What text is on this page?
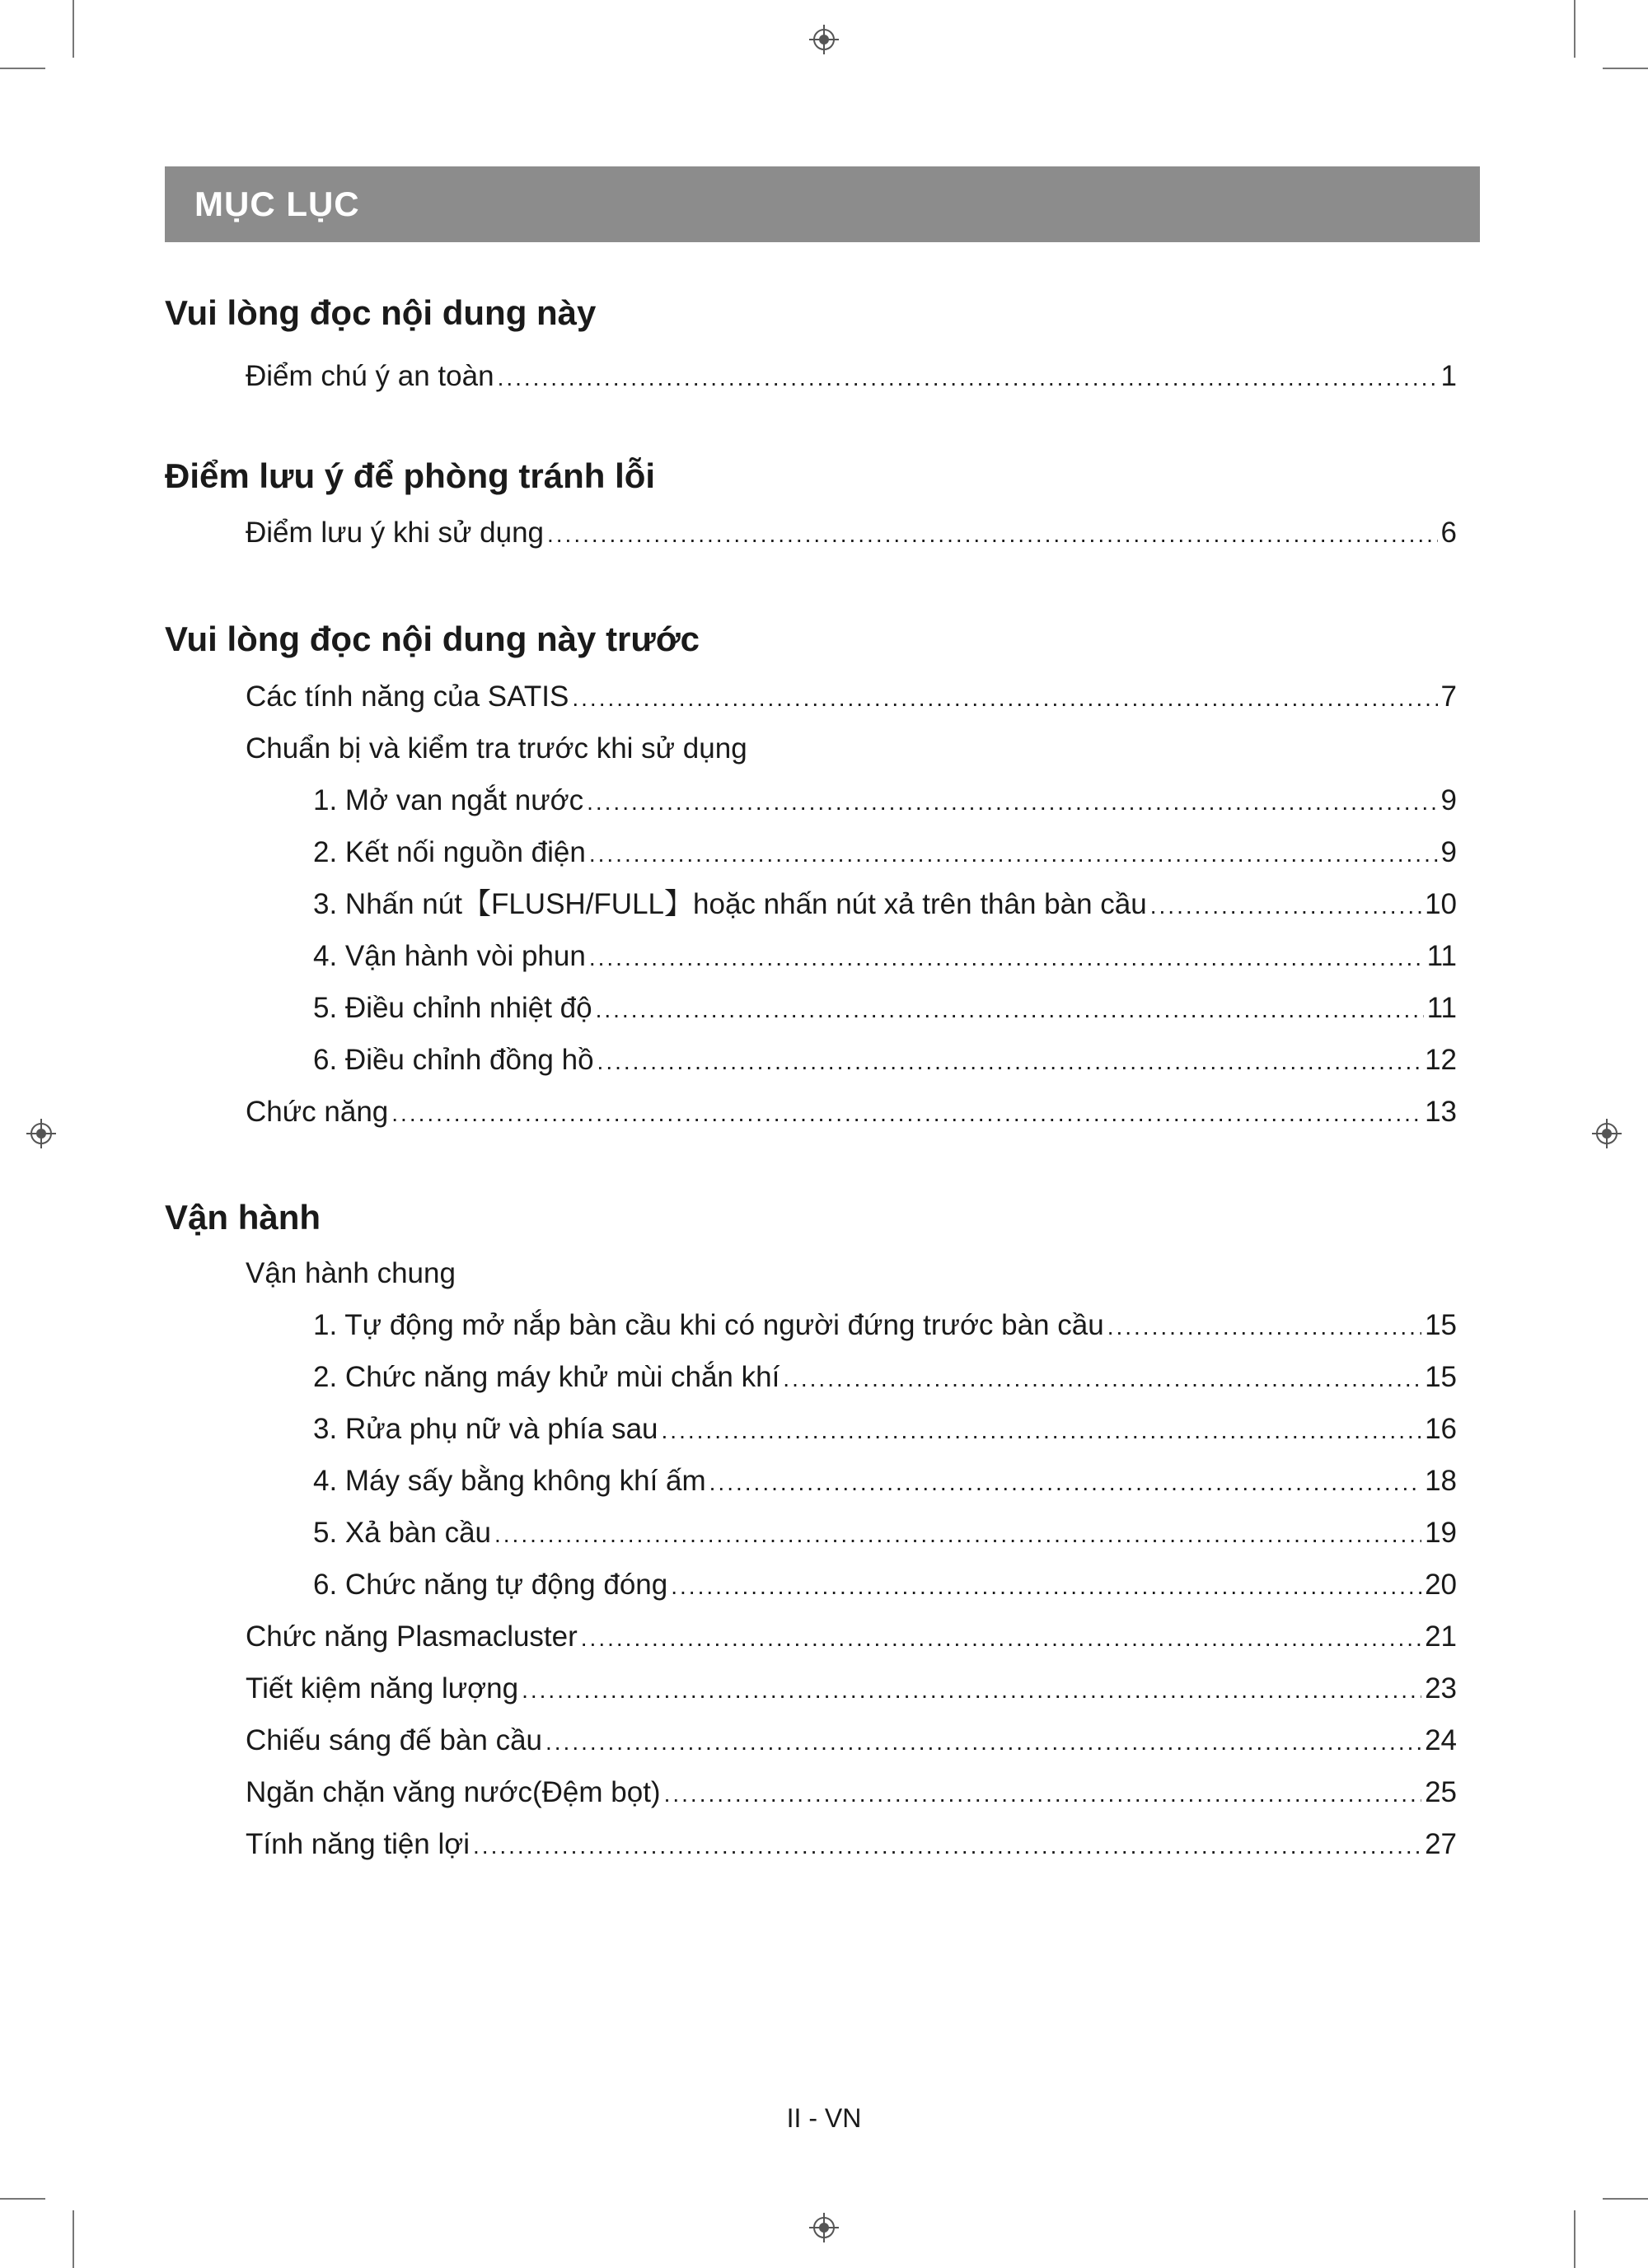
MỤC LỤC
Vui lòng đọc nội dung này
Điểm lưu ý để phòng tránh lỗi
Vui lòng đọc nội dung này trước
Vận hành
Điểm chú ý an toàn .....	1
Điểm lưu ý khi sử dụng .....	6
Các tính năng của SATIS .....	7
Chuẩn bị và kiểm tra trước khi sử dụng
1. Mở van ngắt nước .....	9
2. Kết nối nguồn điện .....	9
3. Nhấn nút【FLUSH/FULL】hoặc nhấn nút xả trên thân bàn cầu .....	10
4. Vận hành vòi phun .....	11
5. Điều chỉnh nhiệt độ .....	11
6. Điều chỉnh đồng hồ .....	12
Chức năng .....	13
Vận hành chung
1. Tự động mở nắp bàn cầu khi có người đứng trước bàn cầu .....	15
2. Chức năng máy khử mùi chắn khí .....	15
3. Rửa phụ nữ và phía sau .....	16
4. Máy sấy bằng không khí ấm .....	18
5. Xả bàn cầu .....	19
6. Chức năng tự động đóng .....	20
Chức năng Plasmacluster .....	21
Tiết kiệm năng lượng .....	23
Chiếu sáng đế bàn cầu .....	24
Ngăn chặn văng nước(Đệm bọt) .....	25
Tính năng tiện lợi .....	27
II - VN
